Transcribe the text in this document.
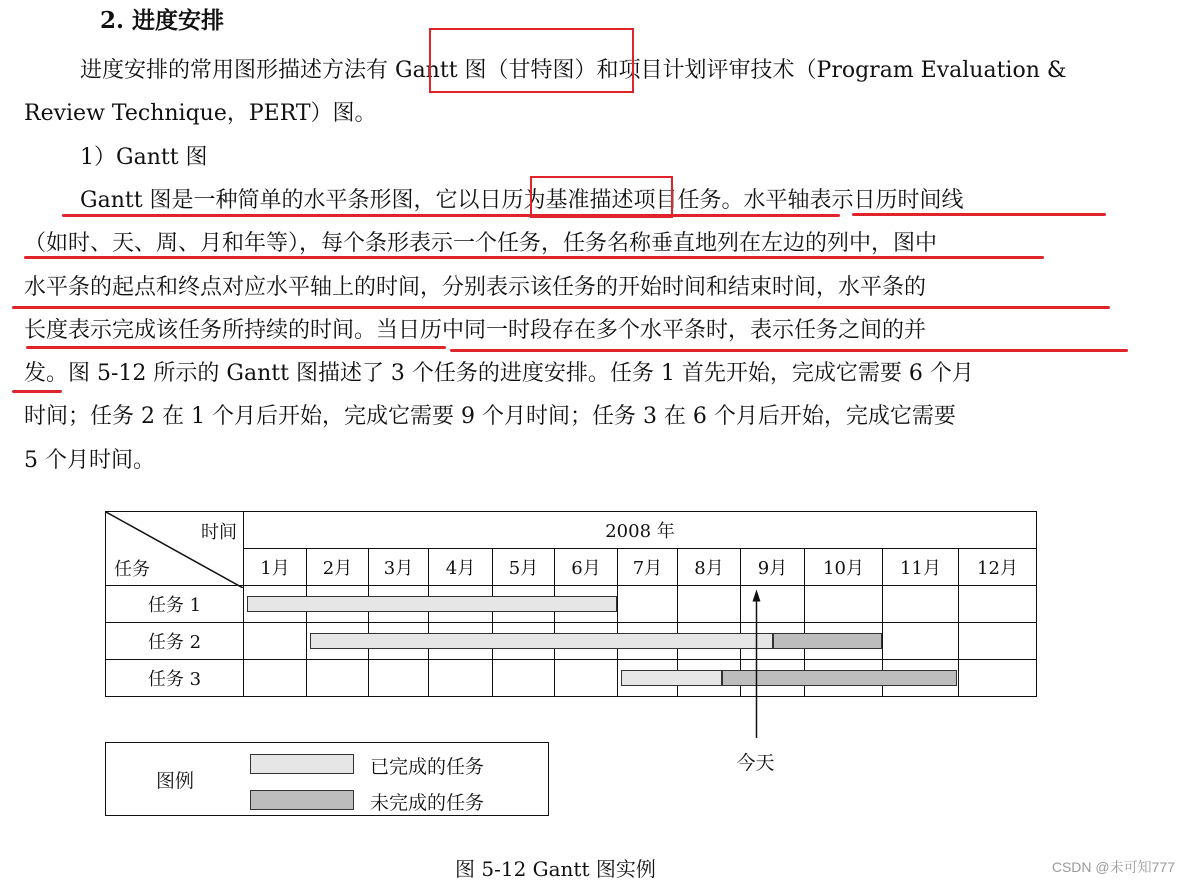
2. 进度安排
进度安排的常用图形描述方法有 Gantt 图（甘特图）和项目计划评审技术（Program Evaluation &
Review Technique，PERT）图。
1）Gantt 图
Gantt 图是一种简单的水平条形图，它以日历为基准描述项目任务。水平轴表示日历时间线
（如时、天、周、月和年等），每个条形表示一个任务，任务名称垂直地列在左边的列中，图中
水平条的起点和终点对应水平轴上的时间，分别表示该任务的开始时间和结束时间，水平条的
长度表示完成该任务所持续的时间。当日历中同一时段存在多个水平条时，表示任务之间的并
发。图 5-12 所示的 Gantt 图描述了 3 个任务的进度安排。任务 1 首先开始，完成它需要 6 个月
时间；任务 2 在 1 个月后开始，完成它需要 9 个月时间；任务 3 在 6 个月后开始，完成它需要
5 个月时间。
时间
任务	2008 年											
	1月	2月	3月	4月	5月	6月	7月	8月	9月	10月	11月	12月
任务 1												
任务 2												
任务 3												
今天
图例
已完成的任务
未完成的任务
图 5-12 Gantt 图实例	CSDN @未可知777
